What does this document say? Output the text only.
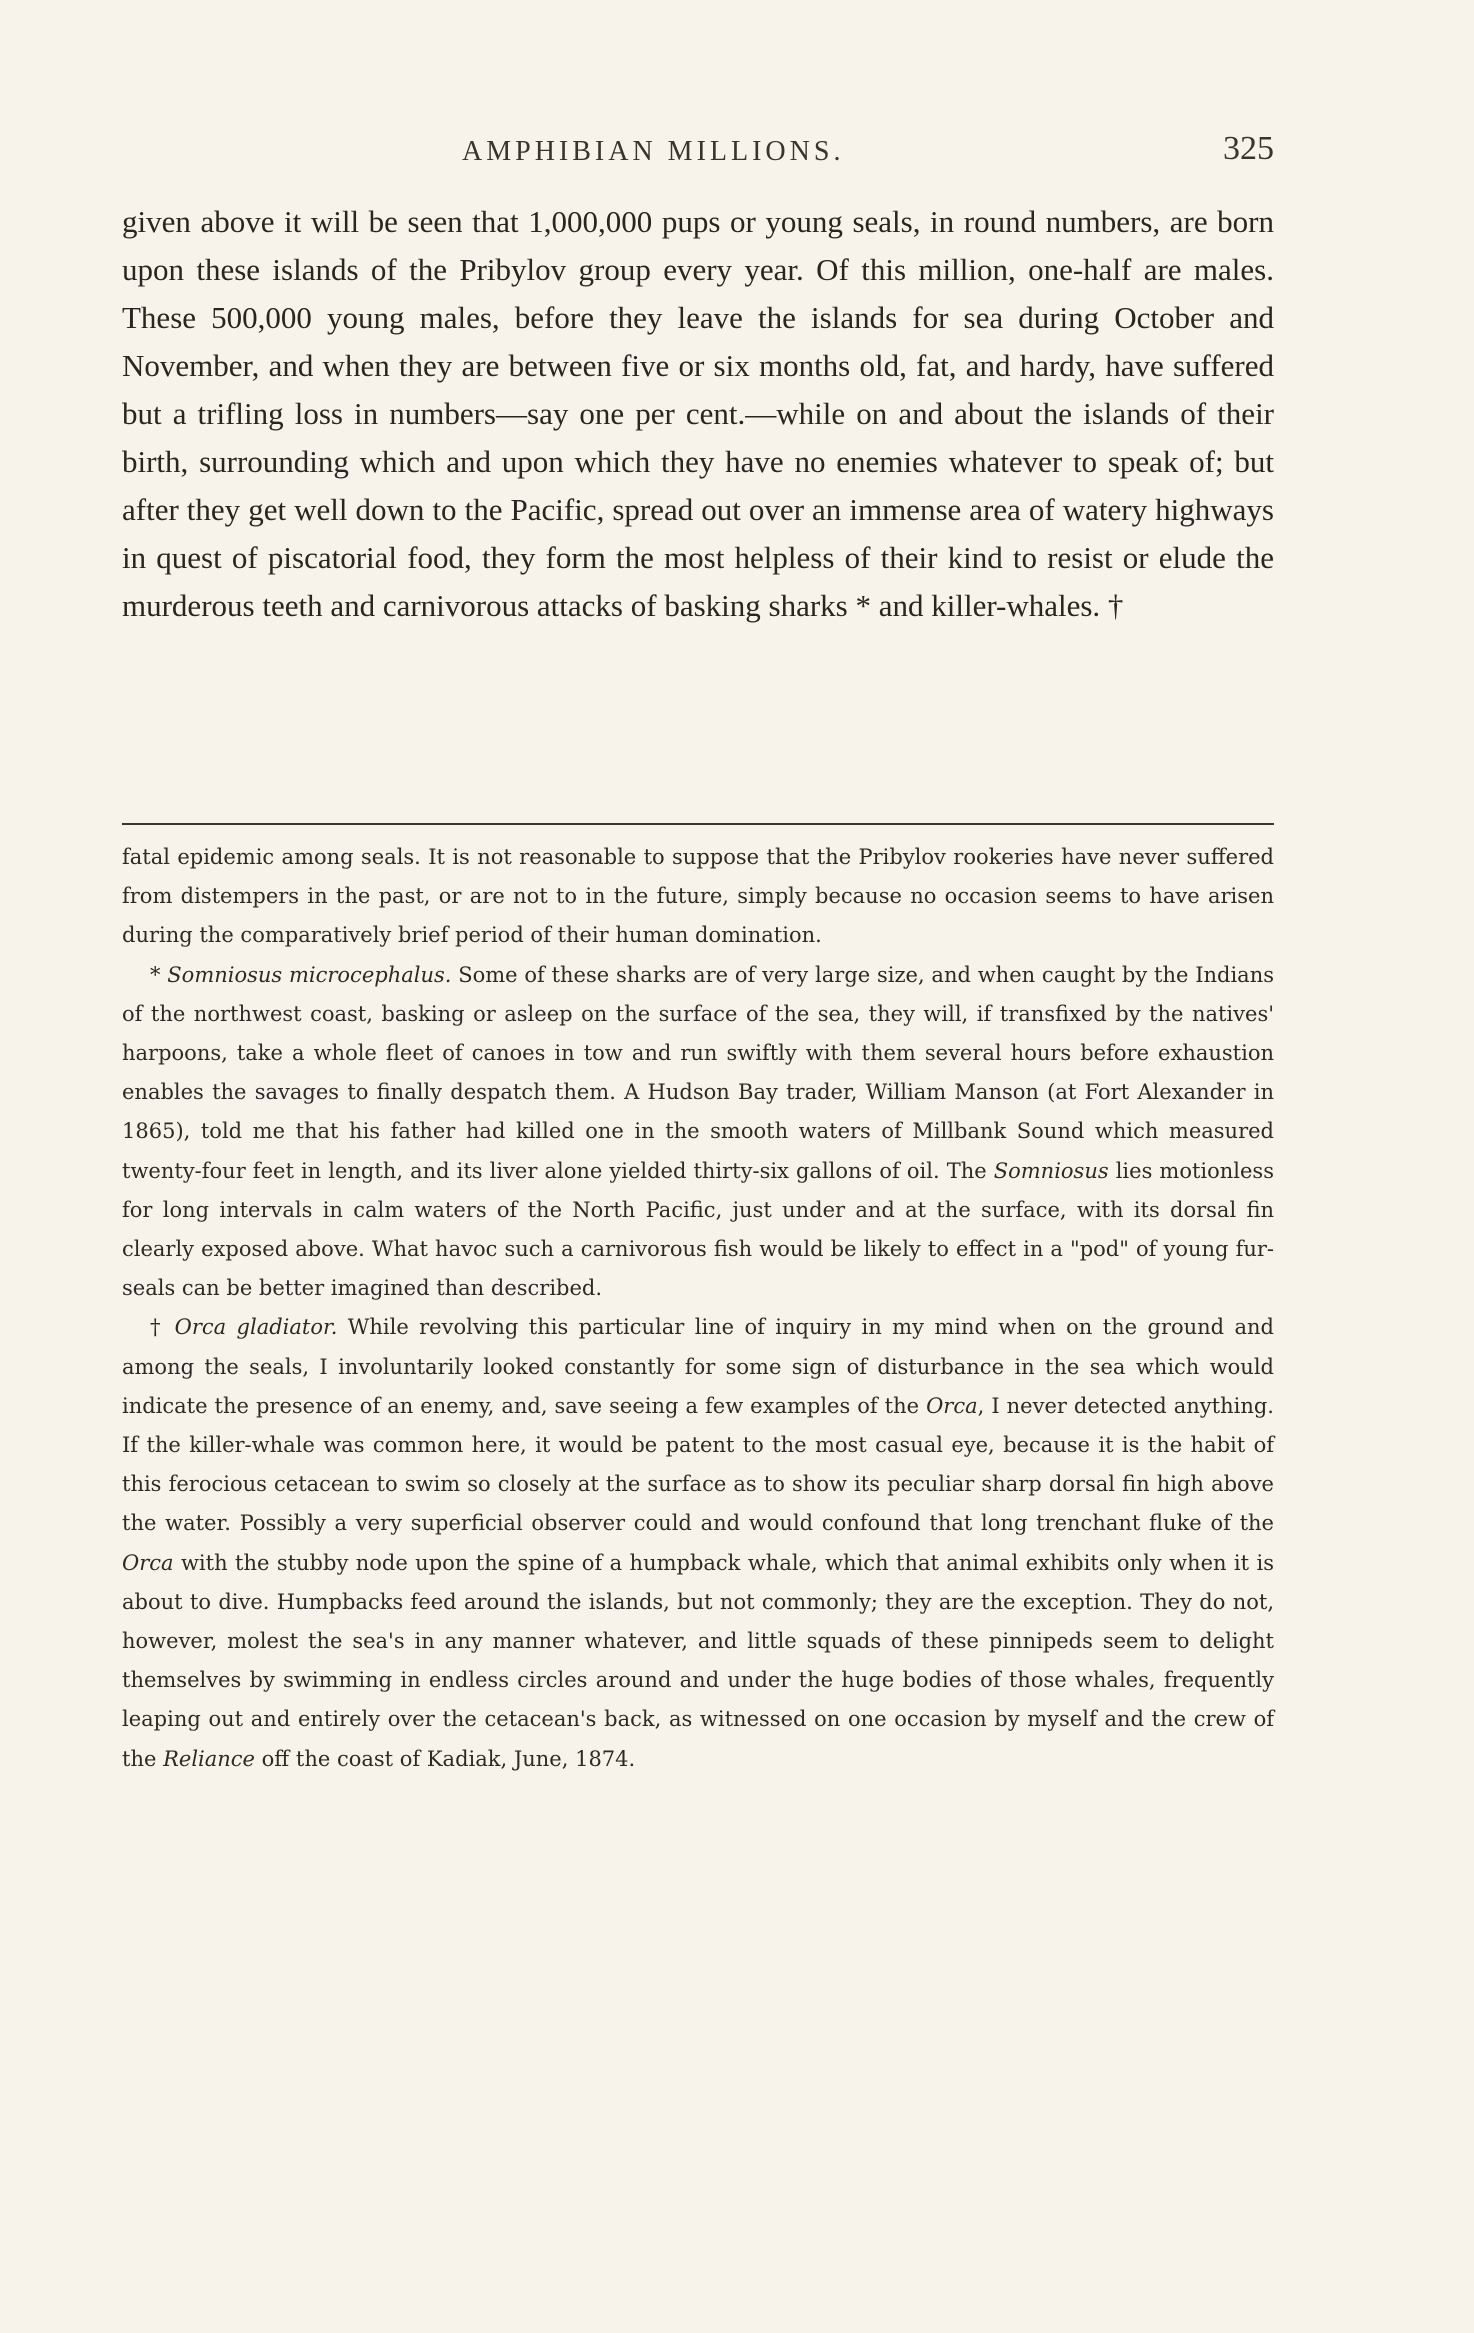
AMPHIBIAN MILLIONS.	325

given above it will be seen that 1,000,000 pups or young seals, in round numbers, are born upon these islands of the Pribylov group every year. Of this million, one-half are males. These 500,000 young males, before they leave the islands for sea during October and November, and when they are between five or six months old, fat, and hardy, have suffered but a trifling loss in numbers—say one per cent.—while on and about the islands of their birth, surrounding which and upon which they have no enemies whatever to speak of; but after they get well down to the Pacific, spread out over an immense area of watery highways in quest of piscatorial food, they form the most helpless of their kind to resist or elude the murderous teeth and carnivorous attacks of basking sharks * and killer-whales. †

fatal epidemic among seals. It is not reasonable to suppose that the Pribylov rookeries have never suffered from distempers in the past, or are not to in the future, simply because no occasion seems to have arisen during the comparatively brief period of their human domination.

* Somniosus microcephalus. Some of these sharks are of very large size, and when caught by the Indians of the northwest coast, basking or asleep on the surface of the sea, they will, if transfixed by the natives' harpoons, take a whole fleet of canoes in tow and run swiftly with them several hours before exhaustion enables the savages to finally despatch them. A Hudson Bay trader, William Manson (at Fort Alexander in 1865), told me that his father had killed one in the smooth waters of Millbank Sound which measured twenty-four feet in length, and its liver alone yielded thirty-six gallons of oil. The Somniosus lies motionless for long intervals in calm waters of the North Pacific, just under and at the surface, with its dorsal fin clearly exposed above. What havoc such a carnivorous fish would be likely to effect in a "pod" of young fur-seals can be better imagined than described.

† Orca gladiator. While revolving this particular line of inquiry in my mind when on the ground and among the seals, I involuntarily looked constantly for some sign of disturbance in the sea which would indicate the presence of an enemy, and, save seeing a few examples of the Orca, I never detected anything. If the killer-whale was common here, it would be patent to the most casual eye, because it is the habit of this ferocious cetacean to swim so closely at the surface as to show its peculiar sharp dorsal fin high above the water. Possibly a very superficial observer could and would confound that long trenchant fluke of the Orca with the stubby node upon the spine of a humpback whale, which that animal exhibits only when it is about to dive. Humpbacks feed around the islands, but not commonly; they are the exception. They do not, however, molest the sea's in any manner whatever, and little squads of these pinnipeds seem to delight themselves by swimming in endless circles around and under the huge bodies of those whales, frequently leaping out and entirely over the cetacean's back, as witnessed on one occasion by myself and the crew of the Reliance off the coast of Kadiak, June, 1874.
